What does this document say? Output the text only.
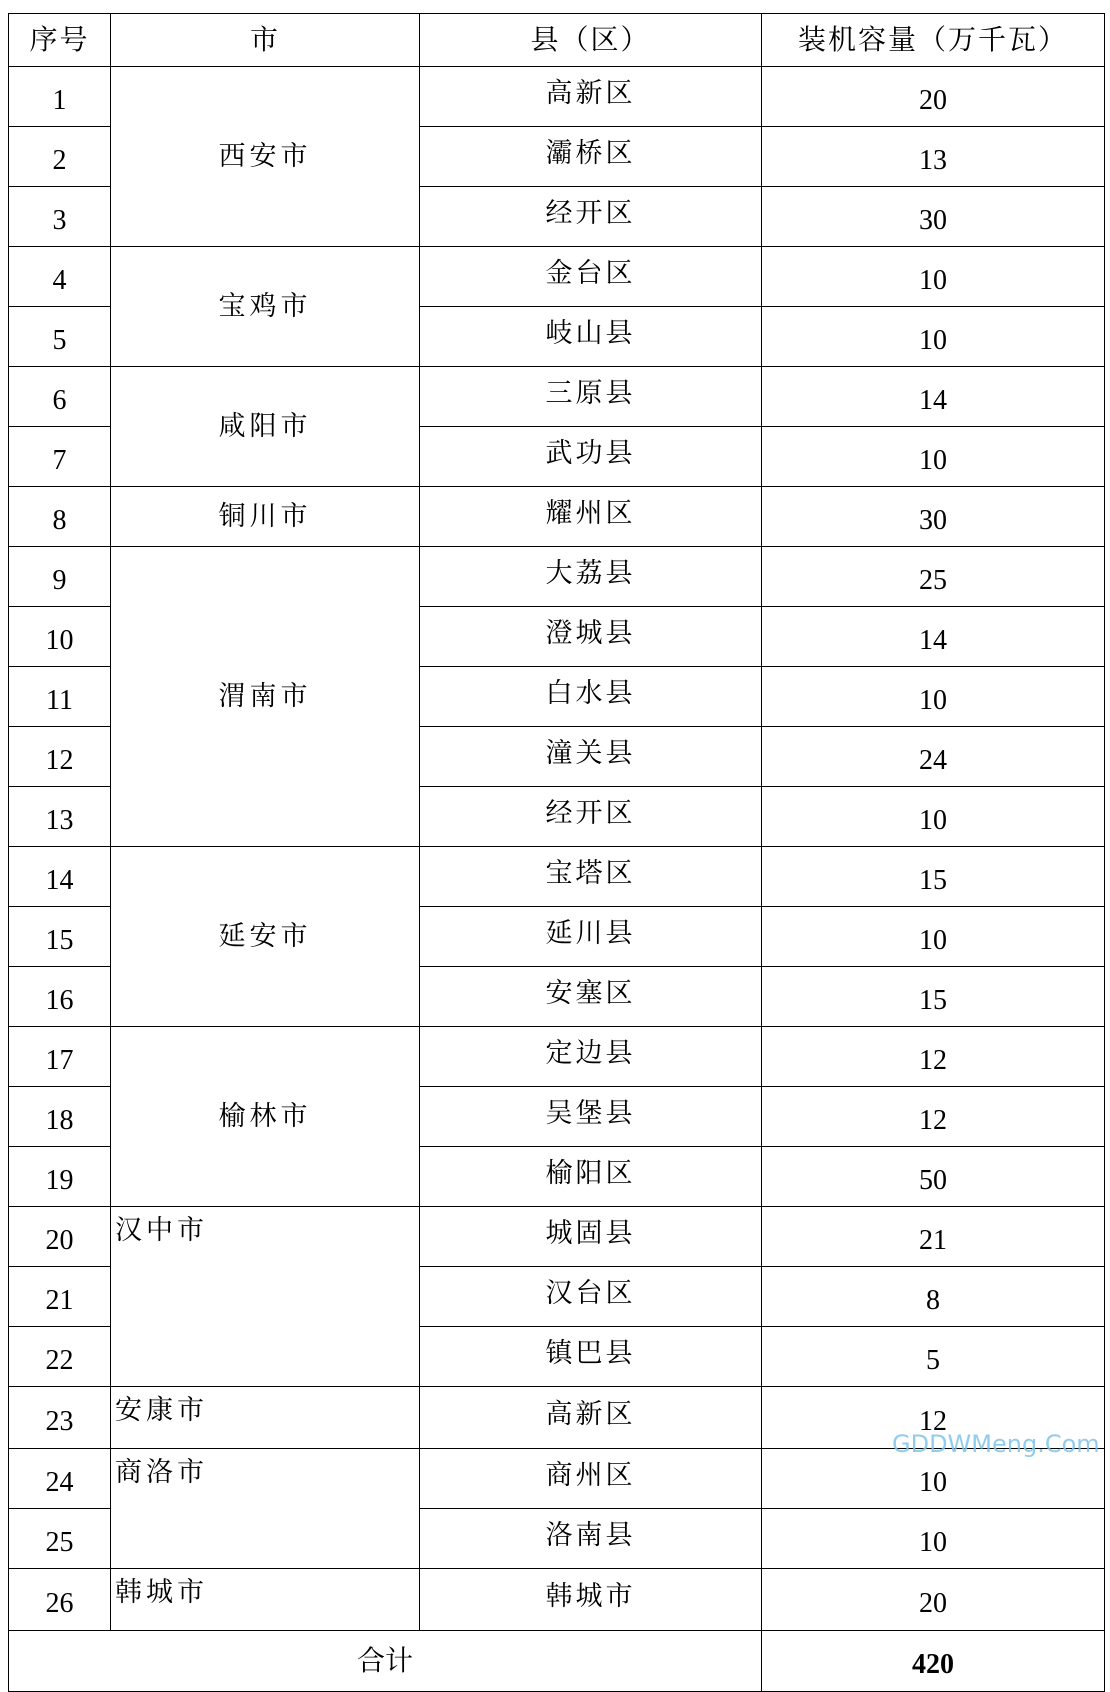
序号	市	县（区）	装机容量（万千瓦）
1	西安市	高新区	20
2		灞桥区	13
3		经开区	30
4	宝鸡市	金台区	10
5		岐山县	10
6	咸阳市	三原县	14
7		武功县	10
8	铜川市	耀州区	30
9	渭南市	大荔县	25
10		澄城县	14
11		白水县	10
12		潼关县	24
13		经开区	10
14	延安市	宝塔区	15
15		延川县	10
16		安塞区	15
17	榆林市	定边县	12
18		吴堡县	12
19		榆阳区	50
20	汉中市	城固县	21
21		汉台区	8
22		镇巴县	5
23	安康市	高新区	12
24	商洛市	商州区	10
25		洛南县	10
26	韩城市	韩城市	20
合计			420
GDDWMeng.Com
